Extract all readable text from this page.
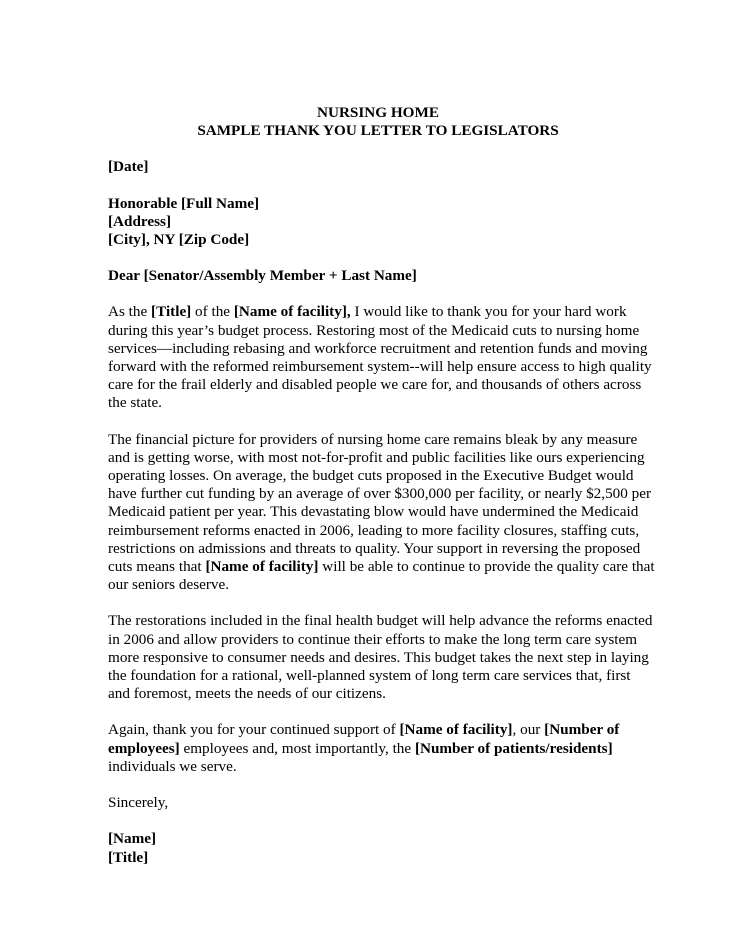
NURSING HOME
SAMPLE THANK YOU LETTER TO LEGISLATORS
[Date]
Honorable [Full Name]
[Address]
[City], NY [Zip Code]
Dear [Senator/Assembly Member + Last Name]

As the [Title] of the [Name of facility], I would like to thank you for your hard work
during this year’s budget process. Restoring most of the Medicaid cuts to nursing home
services—including rebasing and workforce recruitment and retention funds and moving
forward with the reformed reimbursement system--will help ensure access to high quality
care for the frail elderly and disabled people we care for, and thousands of others across
the state.

The financial picture for providers of nursing home care remains bleak by any measure
and is getting worse, with most not-for-profit and public facilities like ours experiencing
operating losses. On average, the budget cuts proposed in the Executive Budget would
have further cut funding by an average of over $300,000 per facility, or nearly $2,500 per
Medicaid patient per year. This devastating blow would have undermined the Medicaid
reimbursement reforms enacted in 2006, leading to more facility closures, staffing cuts,
restrictions on admissions and threats to quality. Your support in reversing the proposed
cuts means that [Name of facility] will be able to continue to provide the quality care that
our seniors deserve.

The restorations included in the final health budget will help advance the reforms enacted
in 2006 and allow providers to continue their efforts to make the long term care system
more responsive to consumer needs and desires. This budget takes the next step in laying
the foundation for a rational, well-planned system of long term care services that, first
and foremost, meets the needs of our citizens.

Again, thank you for your continued support of [Name of facility], our [Number of
employees] employees and, most importantly, the [Number of patients/residents]
individuals we serve.

Sincerely,
[Name]
[Title]
